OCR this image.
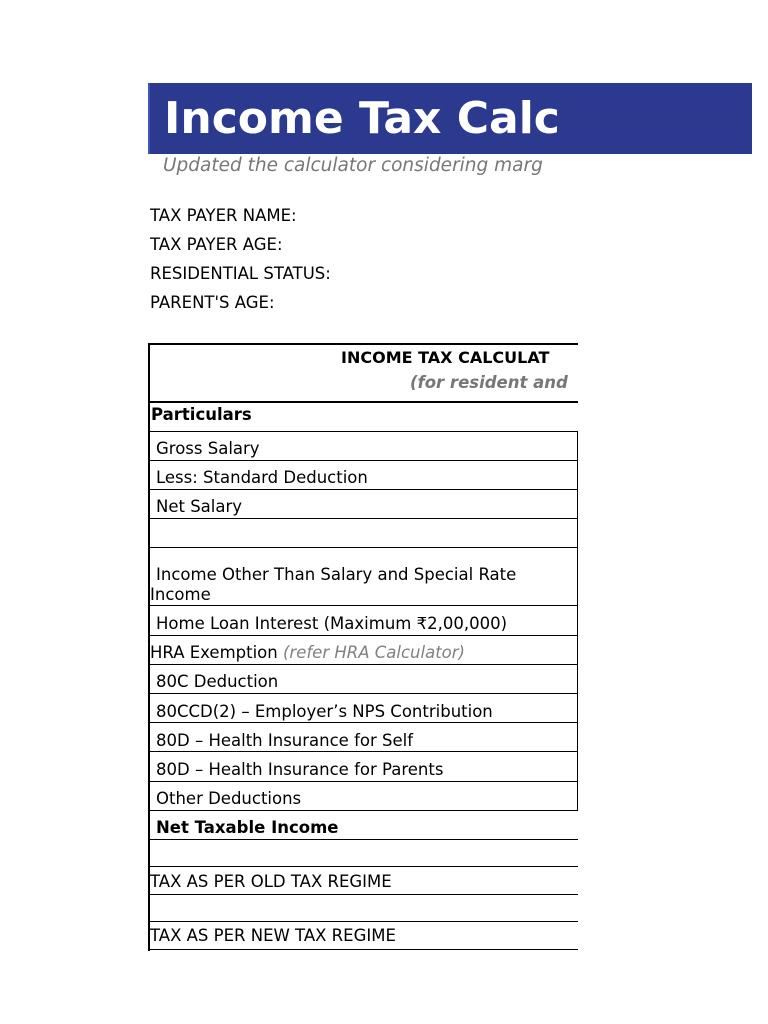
Income Tax Calc
Updated the calculator considering marg
TAX PAYER NAME:
TAX PAYER AGE:
RESIDENTIAL STATUS:
PARENT'S AGE:
INCOME TAX CALCULAT
(for resident and
Particulars
Gross Salary
Less: Standard Deduction
Net Salary
Income Other Than Salary and Special Rate
Income
Home Loan Interest (Maximum ₹2,00,000)
HRA Exemption (refer HRA Calculator)
80C Deduction
80CCD(2) – Employer’s NPS Contribution
80D – Health Insurance for Self
80D – Health Insurance for Parents
Other Deductions
Net Taxable Income
TAX AS PER OLD TAX REGIME
TAX AS PER NEW TAX REGIME
